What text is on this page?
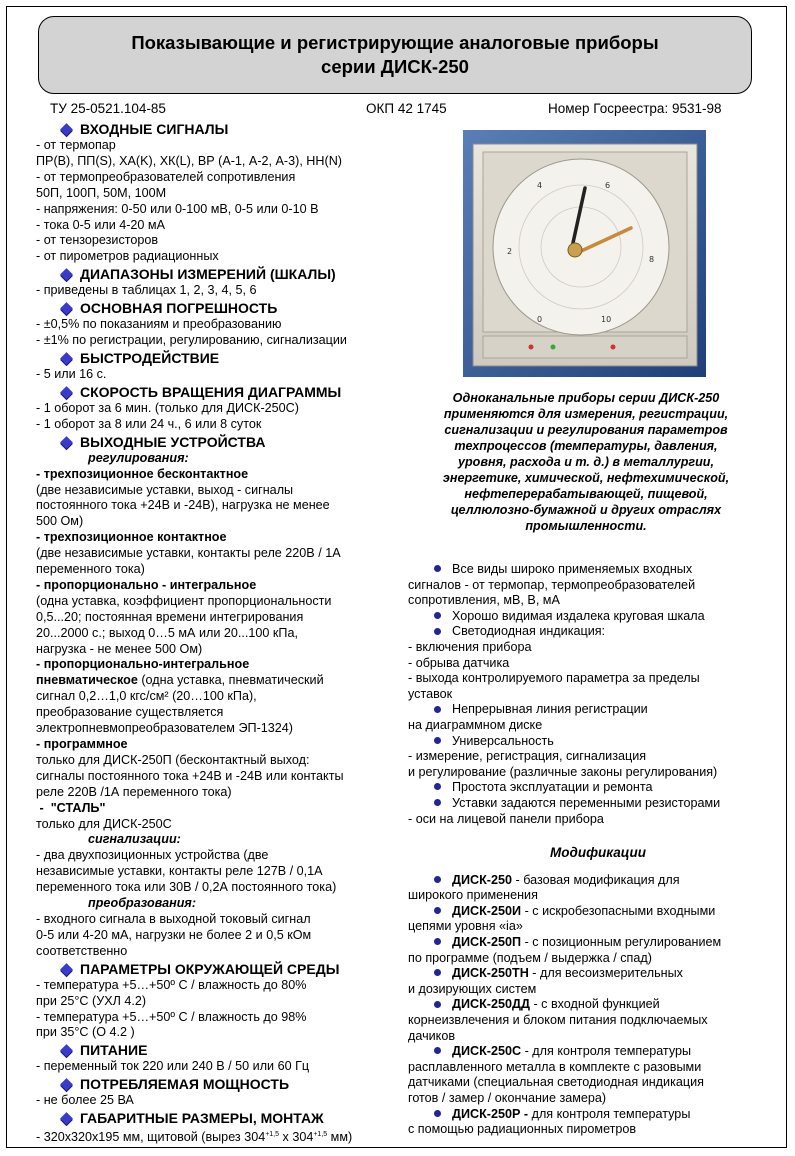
Показывающие и регистрирующие аналоговые приборы
серии ДИСК-250
ТУ 25-0521.104-85	ОКП 42 1745	Номер Госреестра: 9531-98
ВХОДНЫЕ СИГНАЛЫ

- от термопар

ПР(В), ПП(S), ХА(K), ХК(L), ВР (А-1, А-2, А-3), НН(N)

- от термопреобразователей сопротивления

50П, 100П, 50М, 100М

- напряжения: 0-50 или 0-100 мВ, 0-5 или 0-10 В

- тока 0-5 или 4-20 мА

- от тензорезисторов

- от пирометров радиационных

ДИАПАЗОНЫ ИЗМЕРЕНИЙ (ШКАЛЫ)

- приведены в таблицах 1, 2, 3, 4, 5, 6

ОСНОВНАЯ ПОГРЕШНОСТЬ

- ±0,5% по показаниям и преобразованию

- ±1% по регистрации, регулированию, сигнализации

БЫСТРОДЕЙСТВИЕ

- 5 или 16 с.

СКОРОСТЬ ВРАЩЕНИЯ ДИАГРАММЫ

- 1 оборот за 6 мин. (только для ДИСК-250С)

- 1 оборот за 8 или 24 ч., 6 или 8 суток

ВЫХОДНЫЕ УСТРОЙСТВА

регулирования:

- трехпозиционное бесконтактное

(две независимые уставки, выход - сигналы

постоянного тока +24В и -24В), нагрузка не менее

500 Ом)

- трехпозиционное контактное

(две независимые уставки, контакты реле 220В / 1А

переменного тока)

- пропорционально - интегральное

(одна уставка, коэффициент пропорциональности

0,5...20; постоянная времени интегрирования

20...2000 с.; выход 0…5 мА или 20...100 кПа,

нагрузка - не менее 500 Ом)

- пропорционально-интегральное

пневматическое (одна уставка, пневматический

сигнал 0,2…1,0 кгс/см² (20…100 кПа),

преобразование существляется

электропневмопреобразователем ЭП-1324)

- программное

только для ДИСК-250П (бесконтактный выход:

сигналы постоянного тока +24В и -24В или контакты

реле 220В /1А переменного тока)

-  "СТАЛЬ"

только для ДИСК-250С

сигнализации:

- два двухпозиционных устройства (две

независимые уставки, контакты реле 127В / 0,1А

переменного тока или 30В / 0,2А постоянного тока)

преобразования:

- входного сигнала в выходной токовый сигнал

0-5 или 4-20 мА, нагрузки не более 2 и 0,5 кОм

соответственно

ПАРАМЕТРЫ ОКРУЖАЮЩЕЙ СРЕДЫ

- температура +5…+50º С / влажность до 80%

при 25°С (УХЛ 4.2)

- температура +5…+50º С / влажность до 98%

при 35°С (О 4.2 )

ПИТАНИЕ

- переменный ток 220 или 240 В / 50 или 60 Гц

ПОТРЕБЛЯЕМАЯ МОЩНОСТЬ

- не более 25 ВА

ГАБАРИТНЫЕ РАЗМЕРЫ, МОНТАЖ

- 320х320х195 мм, щитовой (вырез $304^{+1,5}$ х $304^{+1,5}$ мм)

4	6
2
8
0	10
Одноканальные приборы серии ДИСК-250
применяются для измерения, регистрации,
сигнализации и регулирования параметров
техпроцессов (температуры, давления,
уровня, расхода и т. д.) в металлургии,
энергетике, химической, нефтехимической,
нефтеперерабатывающей, пищевой,
целлюлозно-бумажной и других отраслях
промышленности.

Все виды широко применяемых входных

сигналов - от термопар, термопреобразователей

сопротивления, мВ, В, мА

Хорошо видимая издалека круговая шкала

Светодиодная индикация:

- включения прибора

- обрыва датчика

- выхода контролируемого параметра за пределы

уставок

Непрерывная линия регистрации

на диаграммном диске

Универсальность

- измерение, регистрация, сигнализация

и регулирование (различные законы регулирования)

Простота эксплуатации и ремонта

Уставки задаются переменными резисторами

- оси на лицевой панели прибора

Модификации

ДИСК-250 - базовая модификация для

широкого применения

ДИСК-250И - с искробезопасными входными

цепями уровня «ia»

ДИСК-250П - с позиционным регулированием

по программе (подъем / выдержка / спад)

ДИСК-250ТН - для весоизмерительных

и дозирующих систем

ДИСК-250ДД - с входной функцией

корнеизвлечения и блоком питания подключаемых

дачиков

ДИСК-250С - для контроля температуры

расплавленного металла в комплекте с разовыми

датчиками (специальная светодиодная индикация

готов / замер / окончание замера)

ДИСК-250Р - для контроля температуры

с помощью радиационных пирометров
